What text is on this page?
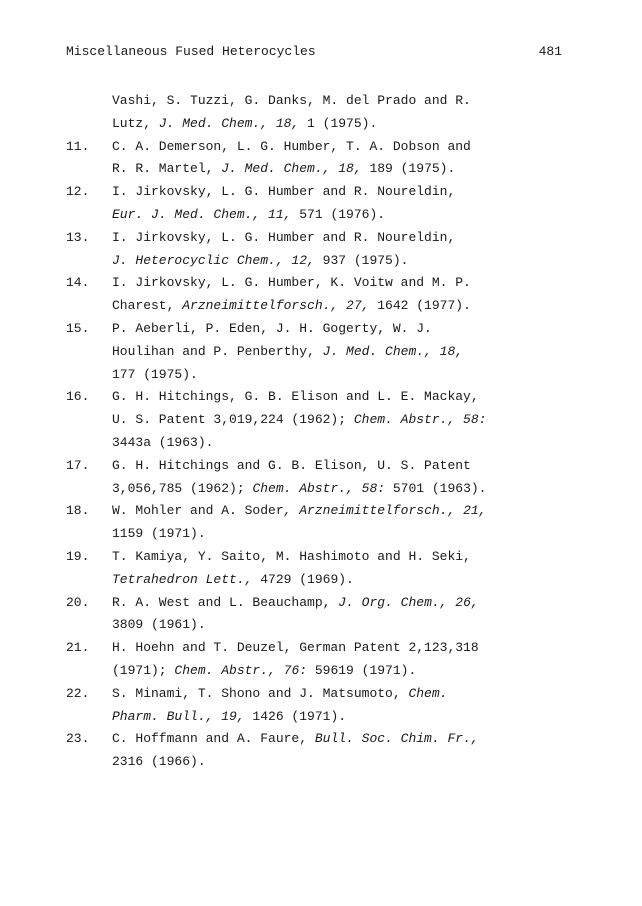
Miscellaneous Fused Heterocycles	481
Vashi, S. Tuzzi, G. Danks, M. del Prado and R.
Lutz, J. Med. Chem., 18, 1 (1975).
11. C. A. Demerson, L. G. Humber, T. A. Dobson and
R. R. Martel, J. Med. Chem., 18, 189 (1975).
12. I. Jirkovsky, L. G. Humber and R. Noureldin,
Eur. J. Med. Chem., 11, 571 (1976).
13. I. Jirkovsky, L. G. Humber and R. Noureldin,
J. Heterocyclic Chem., 12, 937 (1975).
14. I. Jirkovsky, L. G. Humber, K. Voitw and M. P.
Charest, Arzneimittelforsch., 27, 1642 (1977).
15. P. Aeberli, P. Eden, J. H. Gogerty, W. J.
Houlihan and P. Penberthy, J. Med. Chem., 18,
177 (1975).
16. G. H. Hitchings, G. B. Elison and L. E. Mackay,
U. S. Patent 3,019,224 (1962); Chem. Abstr., 58:
3443a (1963).
17. G. H. Hitchings and G. B. Elison, U. S. Patent
3,056,785 (1962); Chem. Abstr., 58: 5701 (1963).
18. W. Mohler and A. Soder, Arzneimittelforsch., 21,
1159 (1971).
19. T. Kamiya, Y. Saito, M. Hashimoto and H. Seki,
Tetrahedron Lett., 4729 (1969).
20. R. A. West and L. Beauchamp, J. Org. Chem., 26,
3809 (1961).
21. H. Hoehn and T. Deuzel, German Patent 2,123,318
(1971); Chem. Abstr., 76: 59619 (1971).
22. S. Minami, T. Shono and J. Matsumoto, Chem.
Pharm. Bull., 19, 1426 (1971).
23. C. Hoffmann and A. Faure, Bull. Soc. Chim. Fr.,
2316 (1966).
